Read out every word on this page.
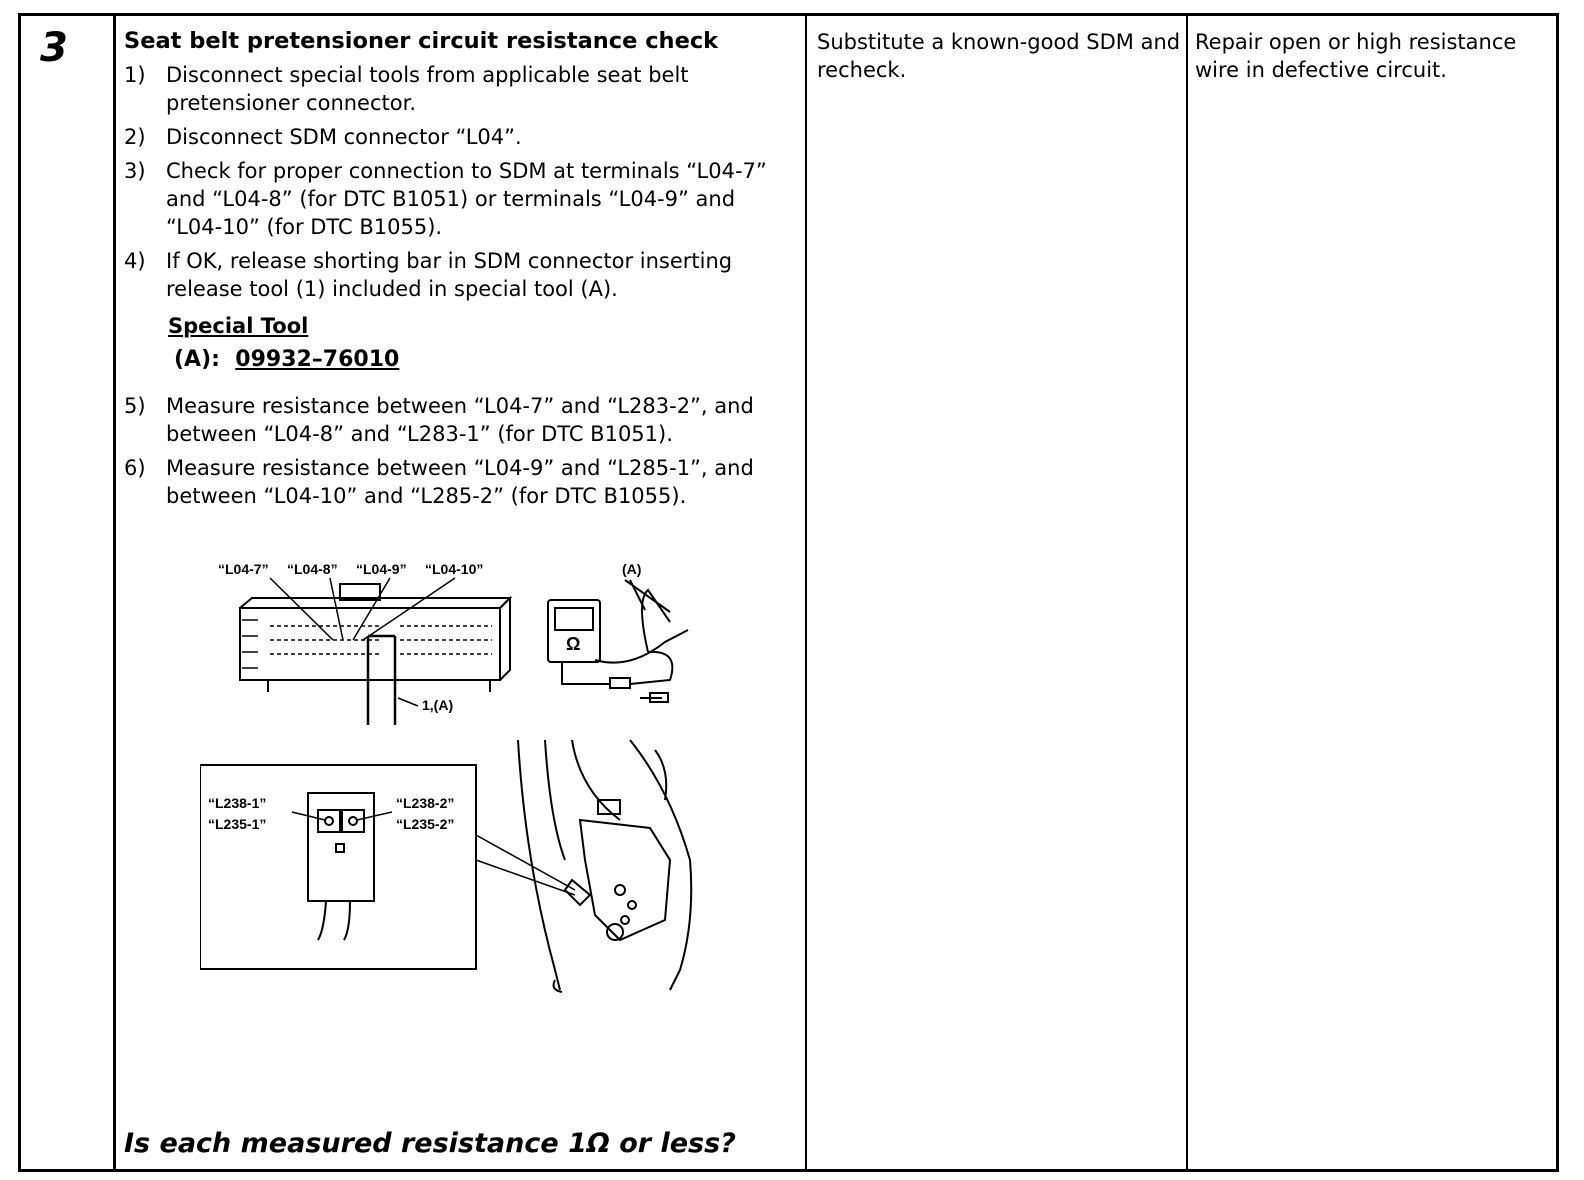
3 Seat belt pretensioner circuit resistance check
1) Disconnect special tools from applicable seat belt pretensioner connector.
2) Disconnect SDM connector “L04”.
3) Check for proper connection to SDM at terminals “L04-7” and “L04-8” (for DTC B1051) or terminals “L04-9” and “L04-10” (for DTC B1055).
4) If OK, release shorting bar in SDM connector inserting release tool (1) included in special tool (A).
Special Tool
(A): 09932–76010
5) Measure resistance between “L04-7” and “L283-2”, and between “L04-8” and “L283-1” (for DTC B1051).
6) Measure resistance between “L04-9” and “L285-1”, and between “L04-10” and “L285-2” (for DTC B1055).
“L04-7” “L04-8” “L04-9” “L04-10”
1,(A)
(A)
Ω
“L238-1”
“L235-1”
“L238-2”
“L235-2”
Is each measured resistance 1Ω or less?
Substitute a known-good SDM and recheck.
Repair open or high resistance wire in defective circuit.
